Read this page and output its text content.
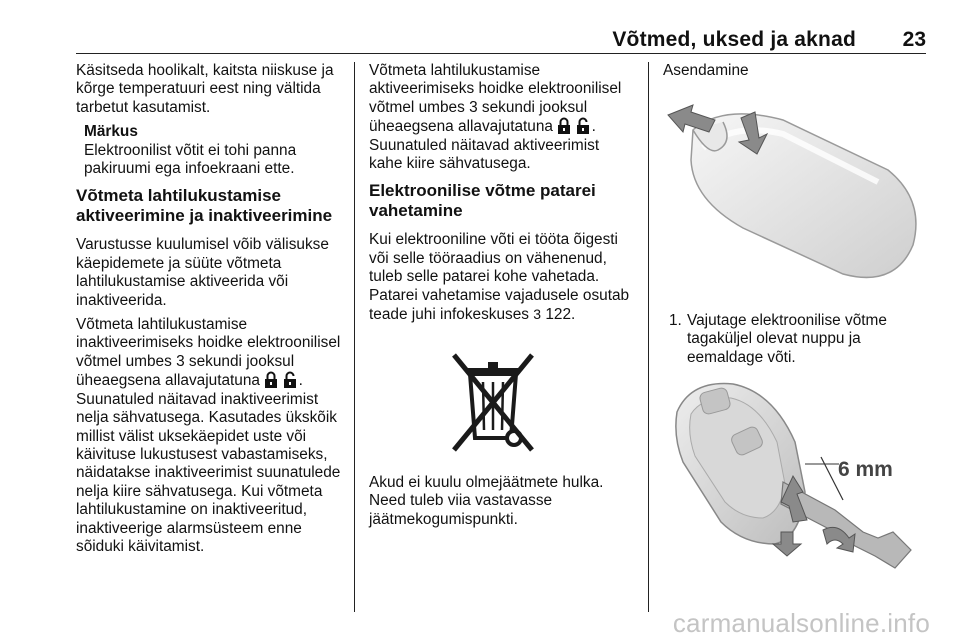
Võtmed, uksed ja aknad 23

Käsitseda hoolikalt, kaitsta niiskuse ja kõrge temperatuuri eest ning vältida tarbetut kasutamist.

Märkus
Elektroonilist võtit ei tohi panna pakiruumi ega infoekraani ette.
Võtmeta lahtilukustamise aktiveerimine ja inaktiveerimine

Varustusse kuulumisel võib välisukse käepidemete ja süüte võtmeta lahtilukustamise aktiveerida või inaktiveerida.

Võtmeta lahtilukustamise inaktiveerimiseks hoidke elektroonilisel võtmel umbes 3 sekundi jooksul üheaegsena allavajutatuna	. Suunatuled näitavad inaktiveerimist nelja sähvatusega. Kasutades ükskõik millist välist uksekäepidet uste või käivituse lukustusest vabastamiseks, näidatakse inaktiveerimist suunatulede nelja kiire sähvatusega. Kui võtmeta lahtilukustamine on inaktiveeritud, inaktiveerige alarmsüsteem enne sõiduki käivitamist.

Võtmeta lahtilukustamise aktiveerimiseks hoidke elektroonilisel võtmel umbes 3 sekundi jooksul üheaegsena allavajutatuna	. Suunatuled näitavad aktiveerimist kahe kiire sähvatusega.

Elektroonilise võtme patarei vahetamine

Kui elektrooniline võti ei tööta õigesti või selle tööraadius on vähenenud, tuleb selle patarei kohe vahetada. Patarei vahetamise vajadusele osutab teade juhi infokeskuses 3 122.

Akud ei kuulu olmejäätmete hulka. Need tuleb viia vastavasse jäätmekogumispunkti.

Asendamine
1. Vajutage elektroonilise võtme tagaküljel olevat nuppu ja eemaldage võti.
6 mm
carmanualsonline.info
